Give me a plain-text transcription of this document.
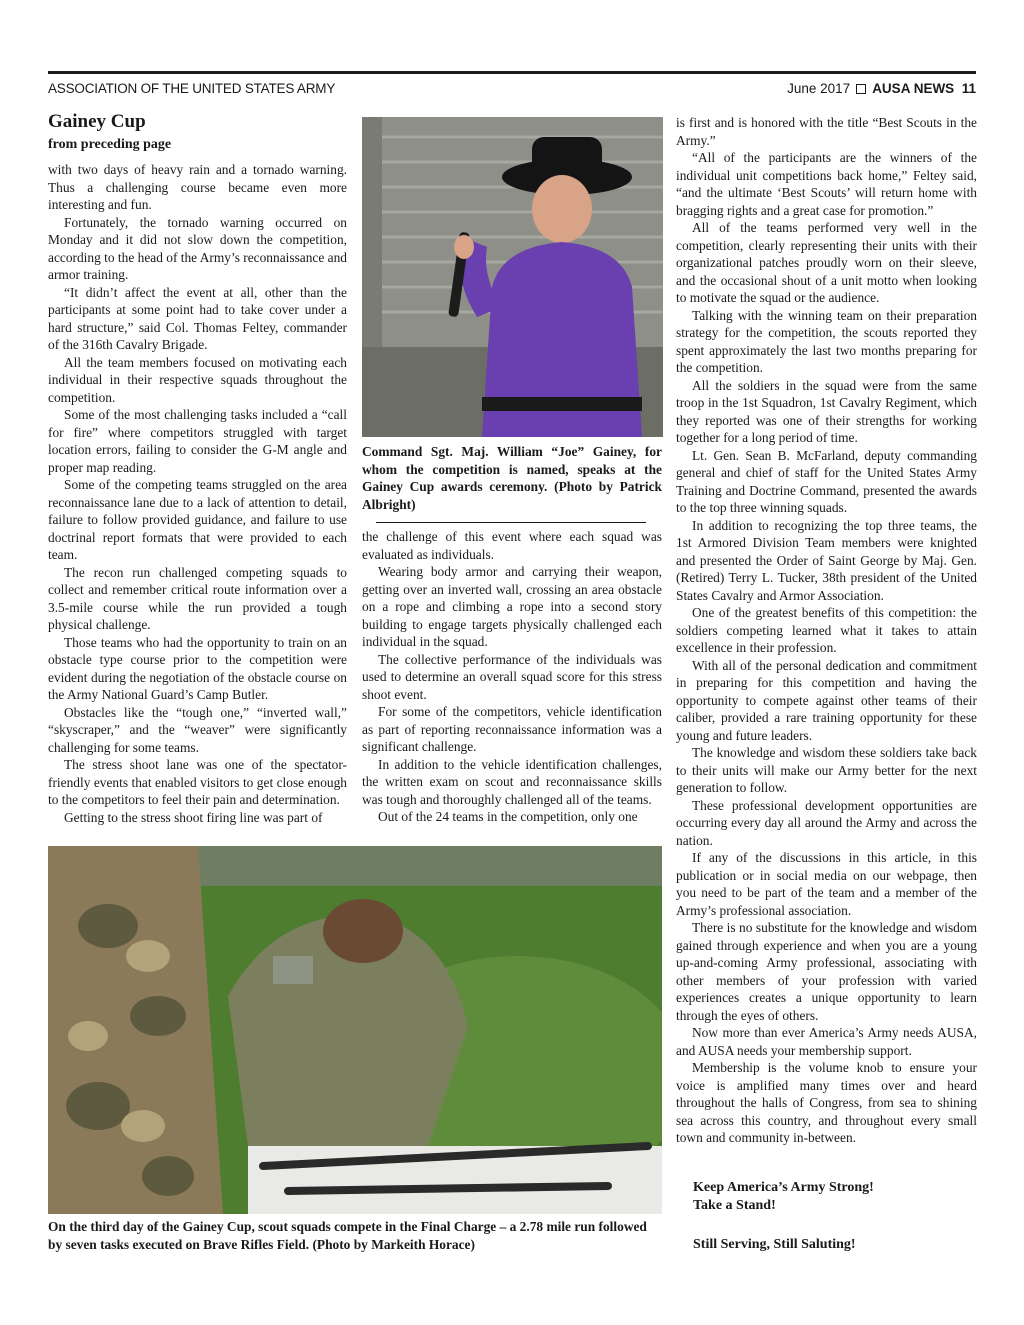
ASSOCIATION OF THE UNITED STATES ARMY	June 2017 AUSA NEWS 11
Gainey Cup
from preceding page

with two days of heavy rain and a tornado warning. Thus a challenging course became even more interesting and fun.

Fortunately, the tornado warning occurred on Monday and it did not slow down the competition, according to the head of the Army’s reconnaissance and armor training.

“It didn’t affect the event at all, other than the participants at some point had to take cover under a hard structure,” said Col. Thomas Feltey, commander of the 316th Cavalry Brigade.

All the team members focused on motivating each individual in their respective squads throughout the competition.

Some of the most challenging tasks included a “call for fire” where competitors struggled with target location errors, failing to consider the G-M angle and proper map reading.

Some of the competing teams struggled on the area reconnaissance lane due to a lack of attention to detail, failure to follow provided guidance, and failure to use doctrinal report formats that were provided to each team.

The recon run challenged competing squads to collect and remember critical route information over a 3.5-mile course while the run provided a tough physical challenge.

Those teams who had the opportunity to train on an obstacle type course prior to the competition were evident during the negotiation of the obstacle course on the Army National Guard’s Camp Butler.

Obstacles like the “tough one,” “inverted wall,” “skyscraper,” and the “weaver” were significantly challenging for some teams.

The stress shoot lane was one of the spectator-friendly events that enabled visitors to get close enough to the competitors to feel their pain and determination.

Getting to the stress shoot firing line was part of

Command Sgt. Maj. William “Joe” Gainey, for whom the competition is named, speaks at the Gainey Cup awards ceremony. (Photo by Patrick Albright)

the challenge of this event where each squad was evaluated as individuals.

Wearing body armor and carrying their weapon, getting over an inverted wall, crossing an area obstacle on a rope and climbing a rope into a second story building to engage targets physically challenged each individual in the squad.

The collective performance of the individuals was used to determine an overall squad score for this stress shoot event.

For some of the competitors, vehicle identification as part of reporting reconnaissance information was a significant challenge.

In addition to the vehicle identification challenges, the written exam on scout and reconnaissance skills was tough and thoroughly challenged all of the teams.

Out of the 24 teams in the competition, only one

is first and is honored with the title “Best Scouts in the Army.”

“All of the participants are the winners of the individual unit competitions back home,” Feltey said, “and the ultimate ‘Best Scouts’ will return home with bragging rights and a great case for promotion.”

All of the teams performed very well in the competition, clearly representing their units with their organizational patches proudly worn on their sleeve, and the occasional shout of a unit motto when looking to motivate the squad or the audience.

Talking with the winning team on their preparation strategy for the competition, the scouts reported they spent approximately the last two months preparing for the competition.

All the soldiers in the squad were from the same troop in the 1st Squadron, 1st Cavalry Regiment, which they reported was one of their strengths for working together for a long period of time.

Lt. Gen. Sean B. McFarland, deputy commanding general and chief of staff for the United States Army Training and Doctrine Command, presented the awards to the top three winning squads.

In addition to recognizing the top three teams, the 1st Armored Division Team members were knighted and presented the Order of Saint George by Maj. Gen. (Retired) Terry L. Tucker, 38th president of the United States Cavalry and Armor Association.

One of the greatest benefits of this competition: the soldiers competing learned what it takes to attain excellence in their profession.

With all of the personal dedication and commitment in preparing for this competition and having the opportunity to compete against other teams of their caliber, provided a rare training opportunity for these young and future leaders.

The knowledge and wisdom these soldiers take back to their units will make our Army better for the next generation to follow.

These professional development opportunities are occurring every day all around the Army and across the nation.

If any of the discussions in this article, in this publication or in social media on our webpage, then you need to be part of the team and a member of the Army’s professional association.

There is no substitute for the knowledge and wisdom gained through experience and when you are a young up-and-coming Army professional, associating with other members of your profession with varied experiences creates a unique opportunity to learn through the eyes of others.

Now more than ever America’s Army needs AUSA, and AUSA needs your membership support.

Membership is the volume knob to ensure your voice is amplified many times over and heard throughout the halls of Congress, from sea to shining sea across this country, and throughout every small town and community in-between.

On the third day of the Gainey Cup, scout squads compete in the Final Charge – a 2.78 mile run followed by seven tasks executed on Brave Rifles Field. (Photo by Markeith Horace)
Keep America’s Army Strong!
Take a Stand!
Still Serving, Still Saluting!
